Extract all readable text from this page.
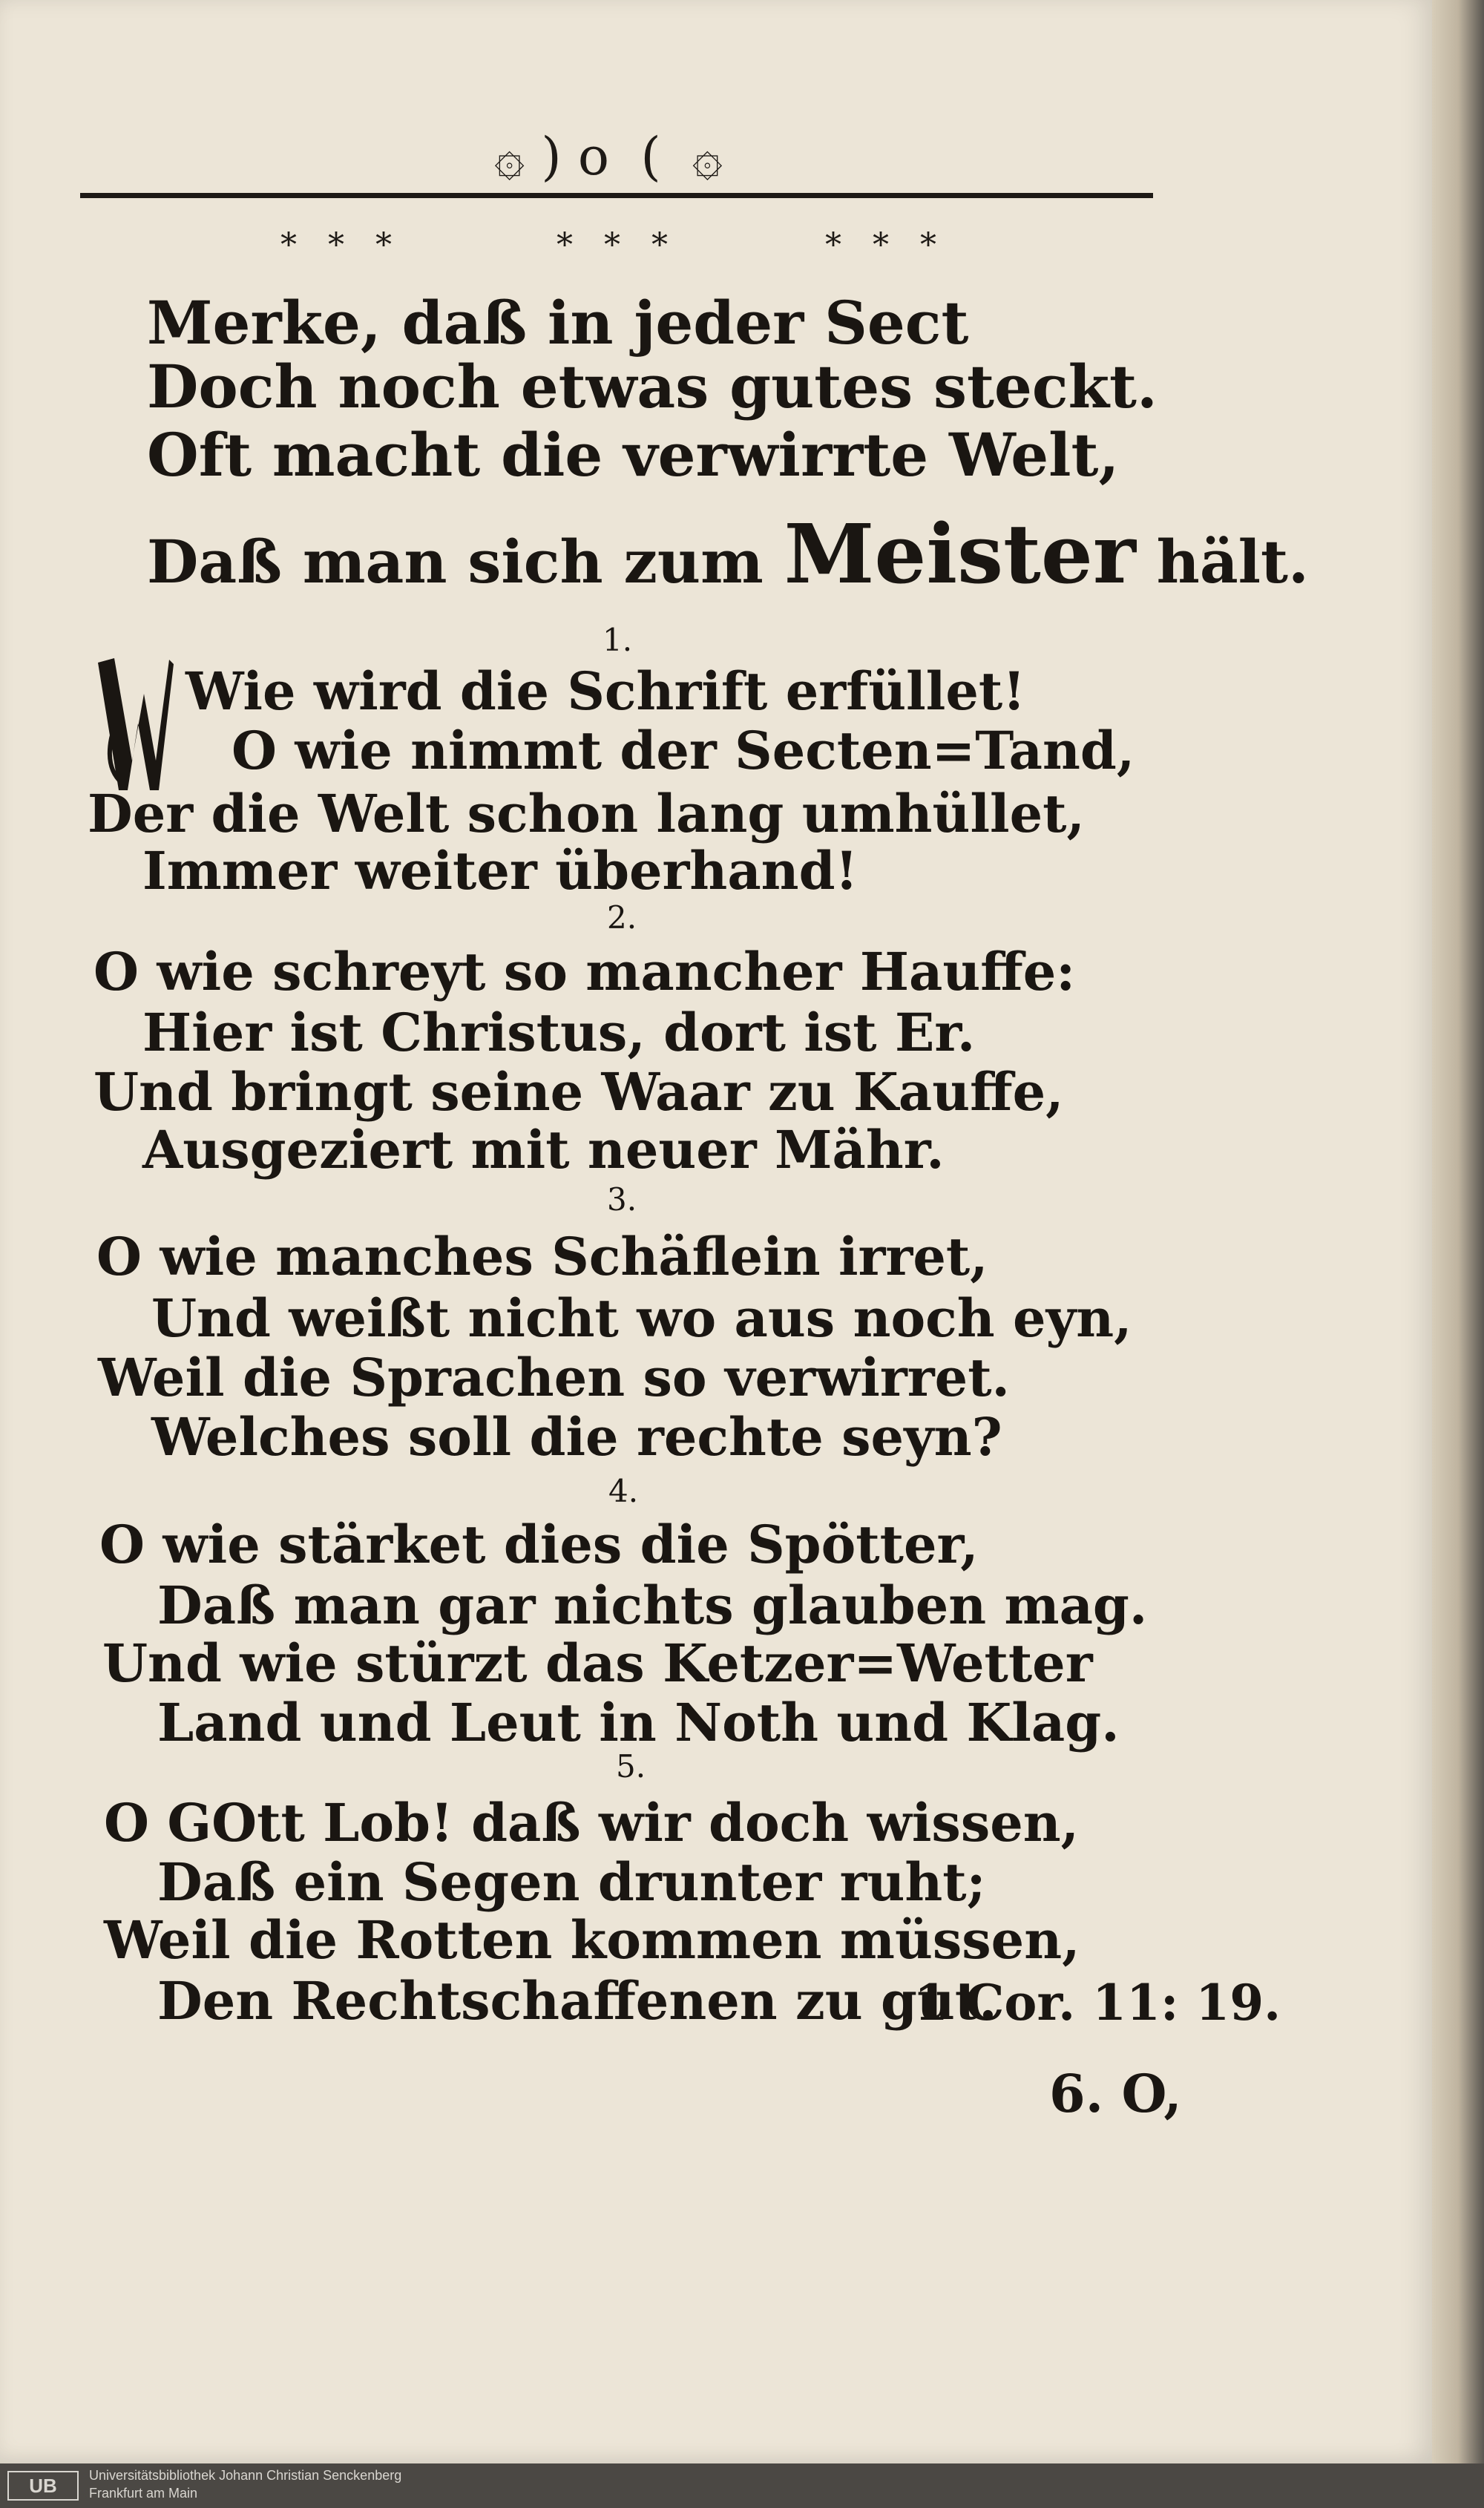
۞ ) o ( ۞
* * *	* * *	* * *
Merke, daß in jeder Sect
Doch noch etwas gutes steckt.
Oft macht die verwirrte Welt,
Daß man sich zum Meister hält.
1.
Wie wird die Schrift erfüllet!
O wie nimmt der Secten=Tand,
Der die Welt schon lang umhüllet,
Immer weiter überhand!
2.
O wie schreyt so mancher Hauffe:
Hier ist Christus, dort ist Er.
Und bringt seine Waar zu Kauffe,
Ausgeziert mit neuer Mähr.
3.
O wie manches Schäflein irret,
Und weißt nicht wo aus noch eyn,
Weil die Sprachen so verwirret.
Welches soll die rechte seyn?
4.
O wie stärket dies die Spötter,
Daß man gar nichts glauben mag.
Und wie stürzt das Ketzer=Wetter
Land und Leut in Noth und Klag.
5.
O GOtt Lob! daß wir doch wissen,
Daß ein Segen drunter ruht;
Weil die Rotten kommen müssen,
Den Rechtschaffenen zu gut.
1 Cor. 11: 19.
6. O,
UB	Universitätsbibliothek Johann Christian Senckenberg
Frankfurt am Main
